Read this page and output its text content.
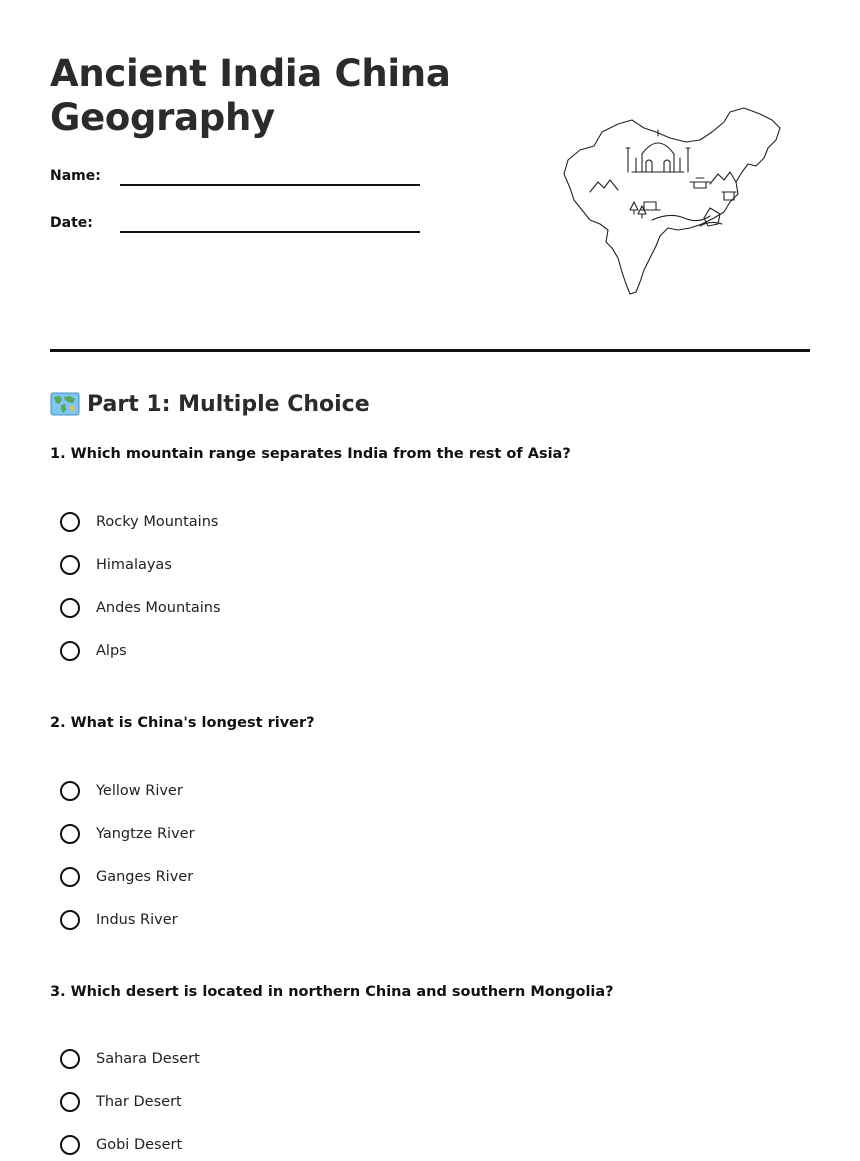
Ancient India China Geography
Name:
Date:
Part 1: Multiple Choice

1. Which mountain range separates India from the rest of Asia?

Rocky Mountains
Himalayas
Andes Mountains
Alps

2. What is China's longest river?

Yellow River
Yangtze River
Ganges River
Indus River

3. Which desert is located in northern China and southern Mongolia?

Sahara Desert
Thar Desert
Gobi Desert
